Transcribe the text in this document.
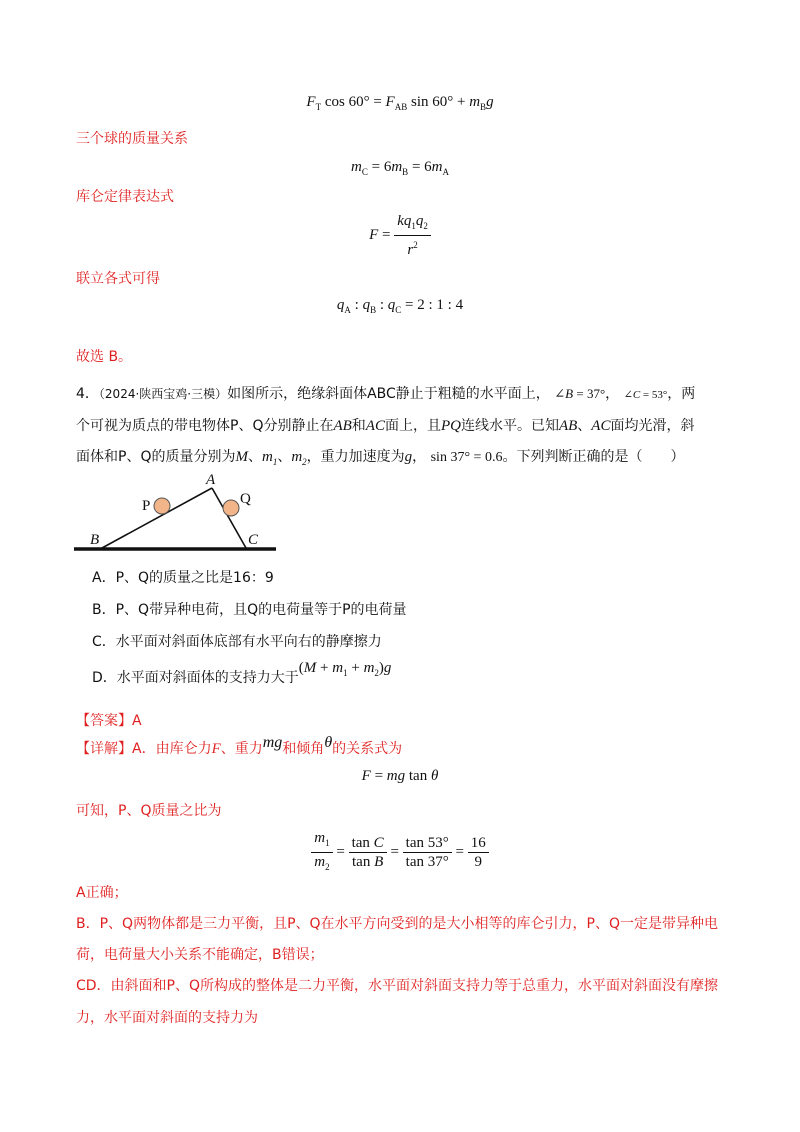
$F_T$ $\cos 60^\circ = F_{AB}$ $\sin 60^\circ + m_Bg$
三个球的质量关系
$m_C = 6m_B = 6m_A$
库仑定律表达式
$F = \frac{kq_1q_2}{r^2}$
联立各式可得
$q_A$ : $q_B$ : $q_C = 2$ : 1 : 4
故选 B。
4．（2024·陕西宝鸡·三模）如图所示，绝缘斜面体ABC静止于粗糙的水平面上， ∠B = 37°， ∠C = 53°，两
个可视为质点的带电物体P、Q分别静止在AB和AC面上，且PQ连线水平。已知AB、AC面均光滑，斜
面体和P、Q的质量分别为M、$m_1$、$m_2$，重力加速度为g， sin 37° = 0.6。下列判断正确的是（　　）
A
B	C
P	Q
A．P、Q的质量之比是16：9
B．P、Q带异种电荷，且Q的电荷量等于P的电荷量
C．水平面对斜面体底部有水平向右的静摩擦力
D．水平面对斜面体的支持力大于$(M + m_1 + m_2)g$
【答案】A
【详解】A．由库仑力F、重力mg和倾角θ的关系式为
F = mg tan θ
可知，P、Q质量之比为
$\frac{m_1}{m_2} = \frac{\text{tan C}}{\text{tan B}} = \frac{\tan 53^\circ}{\tan 37^\circ} = \frac{16}{9}$
A正确；
B．P、Q两物体都是三力平衡，且P、Q在水平方向受到的是大小相等的库仑引力，P、Q一定是带异种电
荷，电荷量大小关系不能确定，B错误；
CD．由斜面和P、Q所构成的整体是二力平衡，水平面对斜面支持力等于总重力，水平面对斜面没有摩擦
力，水平面对斜面的支持力为
